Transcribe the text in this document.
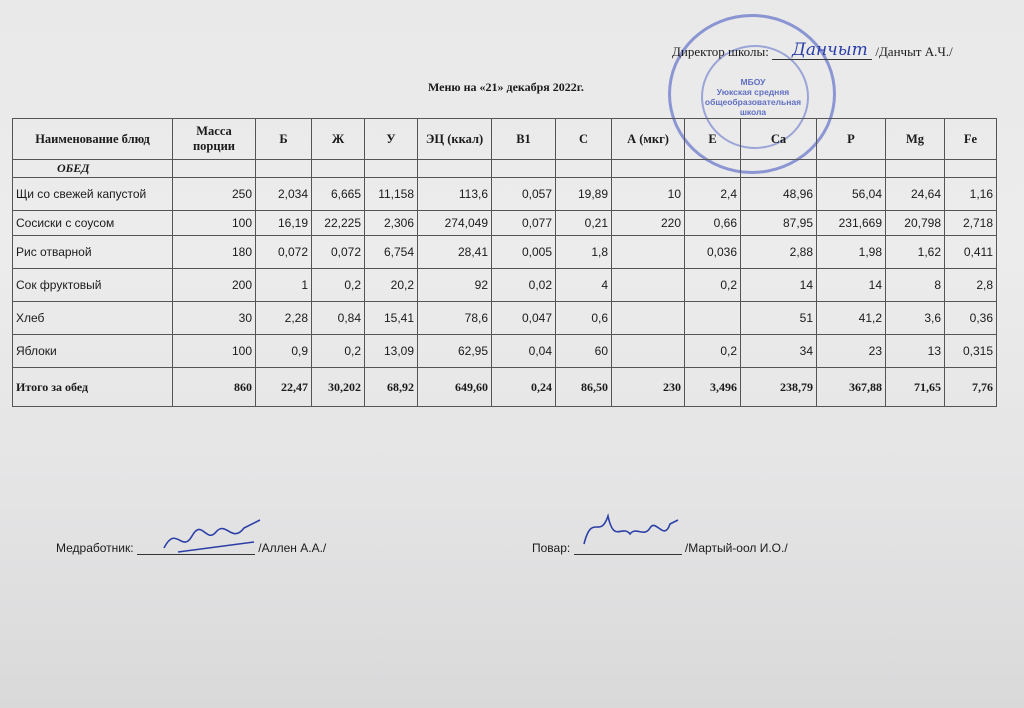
МБОУ
Уюкская средняя
общеобразовательная
школа
Директор школы:	/Данчыт А.Ч./
Данчыт
Меню на «21» декабря 2022г.
Наименование блюд	Масса порции	Б	Ж	У	ЭЦ (ккал)	В1	С	А (мкг)	Е	Са	Р	Mg	Fe
ОБЕД													
Щи со свежей капустой	250	2,034	6,665	11,158	113,6	0,057	19,89	10	2,4	48,96	56,04	24,64	1,16
Сосиски с соусом	100	16,19	22,225	2,306	274,049	0,077	0,21	220	0,66	87,95	231,669	20,798	2,718
Рис отварной	180	0,072	0,072	6,754	28,41	0,005	1,8		0,036	2,88	1,98	1,62	0,411
Сок фруктовый	200	1	0,2	20,2	92	0,02	4		0,2	14	14	8	2,8
Хлеб	30	2,28	0,84	15,41	78,6	0,047	0,6			51	41,2	3,6	0,36
Яблоки	100	0,9	0,2	13,09	62,95	0,04	60		0,2	34	23	13	0,315
Итого за обед	860	22,47	30,202	68,92	649,60	0,24	86,50	230	3,496	238,79	367,88	71,65	7,76
Медработник:	/Аллен А.А./	Повар:	/Мартый-оол И.О./
